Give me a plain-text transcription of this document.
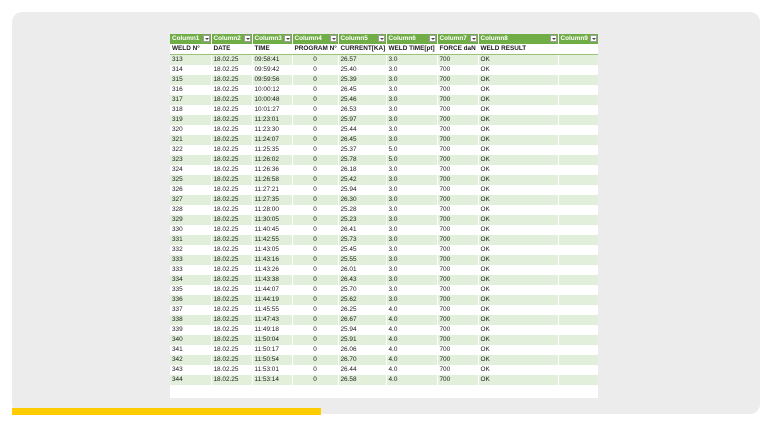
Column1	Column2	Column3	Column4	Column5	Column6	Column7	Column8	Column9

WELD N°	DATE	TIME	PROGRAM N°	CURRENT[KA]	WELD TIME[pt]	FORCE daN	WELD RESULT	
313	18.02.25	09:58:41	0	26.57	3.0	700	OK	
314	18.02.25	09:59:42	0	25.40	3.0	700	OK	
315	18.02.25	09:59:56	0	25.39	3.0	700	OK	
316	18.02.25	10:00:12	0	26.45	3.0	700	OK	
317	18.02.25	10:00:48	0	25.46	3.0	700	OK	
318	18.02.25	10:01:27	0	26.53	3.0	700	OK	
319	18.02.25	11:23:01	0	25.97	3.0	700	OK	
320	18.02.25	11:23:30	0	25.44	3.0	700	OK	
321	18.02.25	11:24:07	0	26.45	3.0	700	OK	
322	18.02.25	11:25:35	0	25.37	5.0	700	OK	
323	18.02.25	11:26:02	0	25.78	5.0	700	OK	
324	18.02.25	11:26:36	0	26.18	3.0	700	OK	
325	18.02.25	11:26:58	0	25.42	3.0	700	OK	
326	18.02.25	11:27:21	0	25.94	3.0	700	OK	
327	18.02.25	11:27:35	0	26.30	3.0	700	OK	
328	18.02.25	11:28:00	0	25.28	3.0	700	OK	
329	18.02.25	11:30:05	0	25.23	3.0	700	OK	
330	18.02.25	11:40:45	0	26.41	3.0	700	OK	
331	18.02.25	11:42:55	0	25.73	3.0	700	OK	
332	18.02.25	11:43:05	0	25.45	3.0	700	OK	
333	18.02.25	11:43:16	0	25.55	3.0	700	OK	
333	18.02.25	11:43:26	0	26.01	3.0	700	OK	
334	18.02.25	11:43:38	0	26.43	3.0	700	OK	
335	18.02.25	11:44:07	0	25.70	3.0	700	OK	
336	18.02.25	11:44:19	0	25.62	3.0	700	OK	
337	18.02.25	11:45:55	0	26.25	4.0	700	OK	
338	18.02.25	11:47:43	0	26.67	4.0	700	OK	
339	18.02.25	11:49:18	0	25.94	4.0	700	OK	
340	18.02.25	11:50:04	0	25.91	4.0	700	OK	
341	18.02.25	11:50:17	0	26.06	4.0	700	OK	
342	18.02.25	11:50:54	0	26.70	4.0	700	OK	
343	18.02.25	11:53:01	0	26.44	4.0	700	OK	
344	18.02.25	11:53:14	0	26.58	4.0	700	OK	
